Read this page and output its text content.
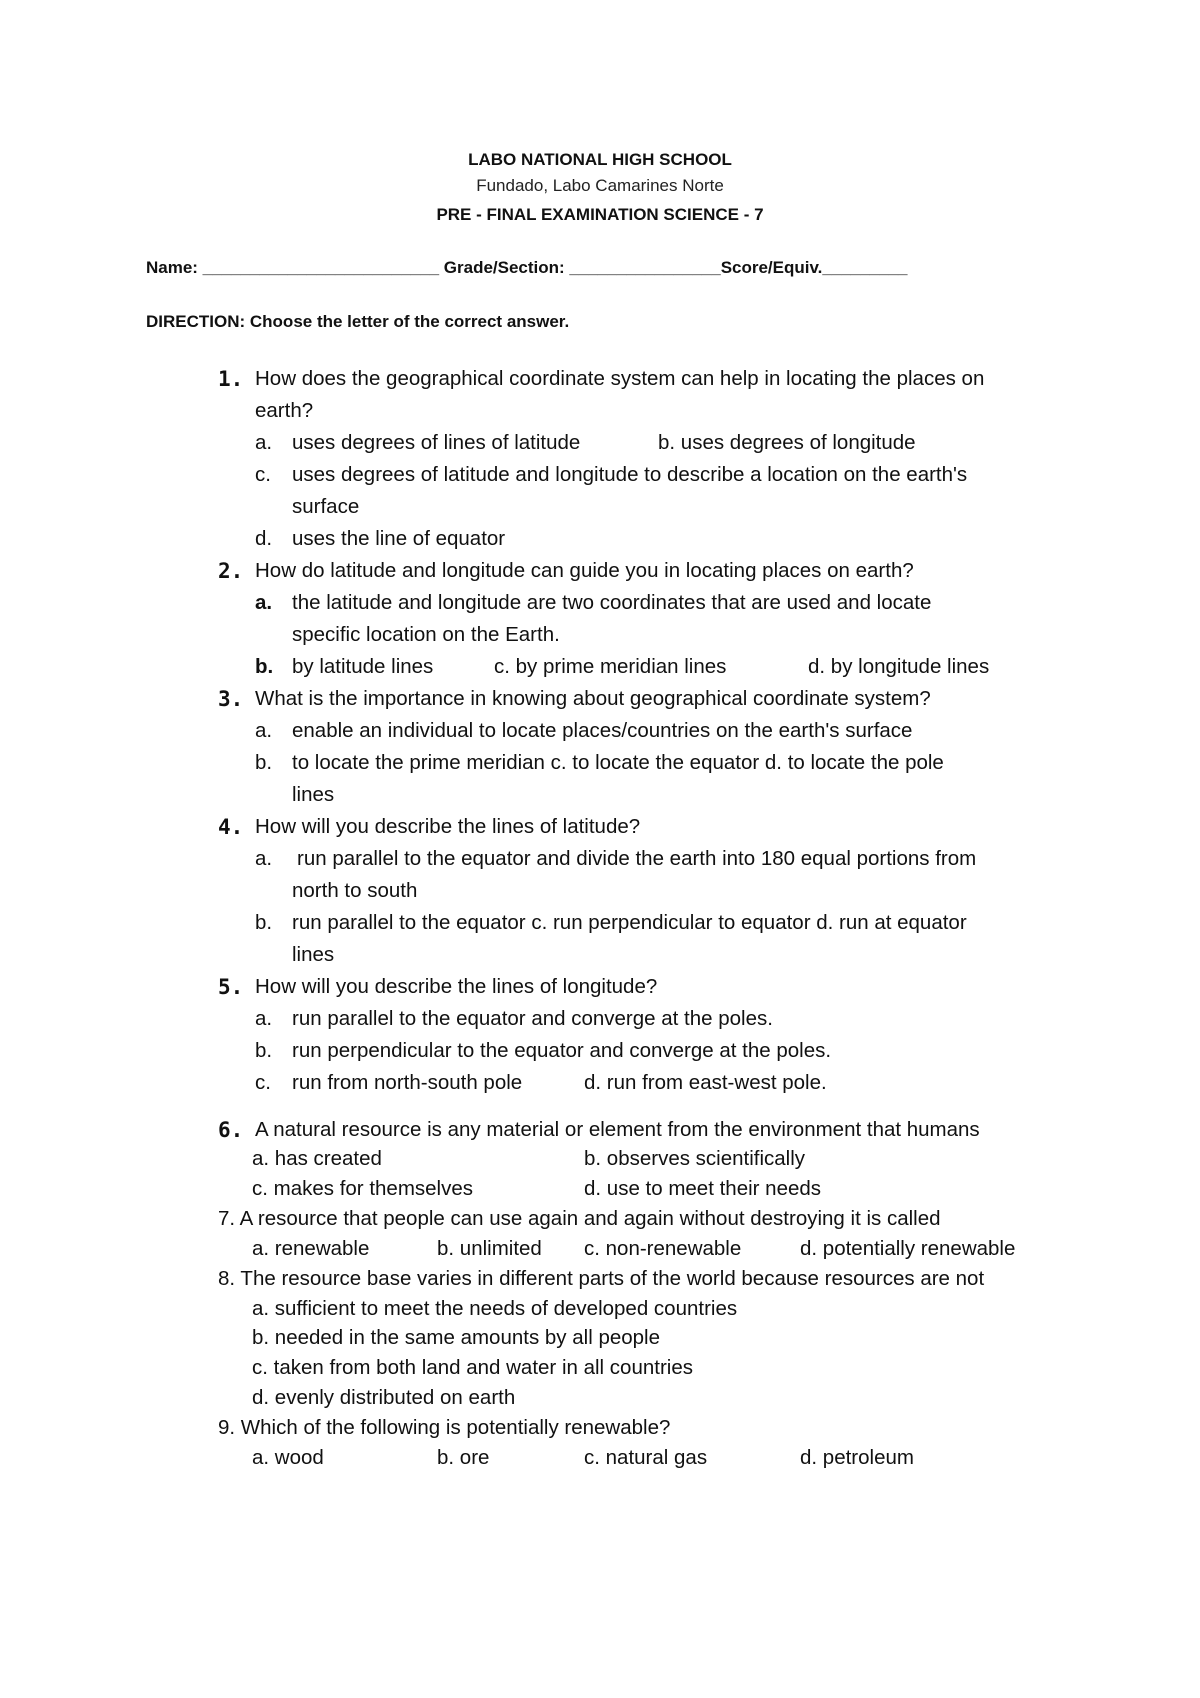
LABO NATIONAL HIGH SCHOOL
Fundado, Labo Camarines Norte
PRE - FINAL EXAMINATION SCIENCE - 7
Name: _________________________ Grade/Section: ________________Score/Equiv._________
DIRECTION: Choose the letter of the correct answer.
1. How does the geographical coordinate system can help in locating the places on
earth?
a. uses degrees of lines of latitude	b. uses degrees of longitude
c. uses degrees of latitude and longitude to describe a location on the earth's
surface
d. uses the line of equator
2. How do latitude and longitude can guide you in locating places on earth?
a. the latitude and longitude are two coordinates that are used and locate
specific location on the Earth.
b. by latitude lines	c. by prime meridian lines	d. by longitude lines
3. What is the importance in knowing about geographical coordinate system?
a. enable an individual to locate places/countries on the earth's surface
b. to locate the prime meridian c. to locate the equator d. to locate the pole
lines
4. How will you describe the lines of latitude?
a. run parallel to the equator and divide the earth into 180 equal portions from
north to south
b. run parallel to the equator c. run perpendicular to equator d. run at equator
lines
5. How will you describe the lines of longitude?
a. run parallel to the equator and converge at the poles.
b. run perpendicular to the equator and converge at the poles.
c. run from north-south pole	d. run from east-west pole.
6. A natural resource is any material or element from the environment that humans
a. has created	b. observes scientifically
c. makes for themselves	d. use to meet their needs
7. A resource that people can use again and again without destroying it is called
a. renewable	b. unlimited c. non-renewable	d. potentially renewable
8. The resource base varies in different parts of the world because resources are not
a. sufficient to meet the needs of developed countries
b. needed in the same amounts by all people
c. taken from both land and water in all countries
d. evenly distributed on earth
9. Which of the following is potentially renewable?
a. wood	b. ore	c. natural gas	d. petroleum
